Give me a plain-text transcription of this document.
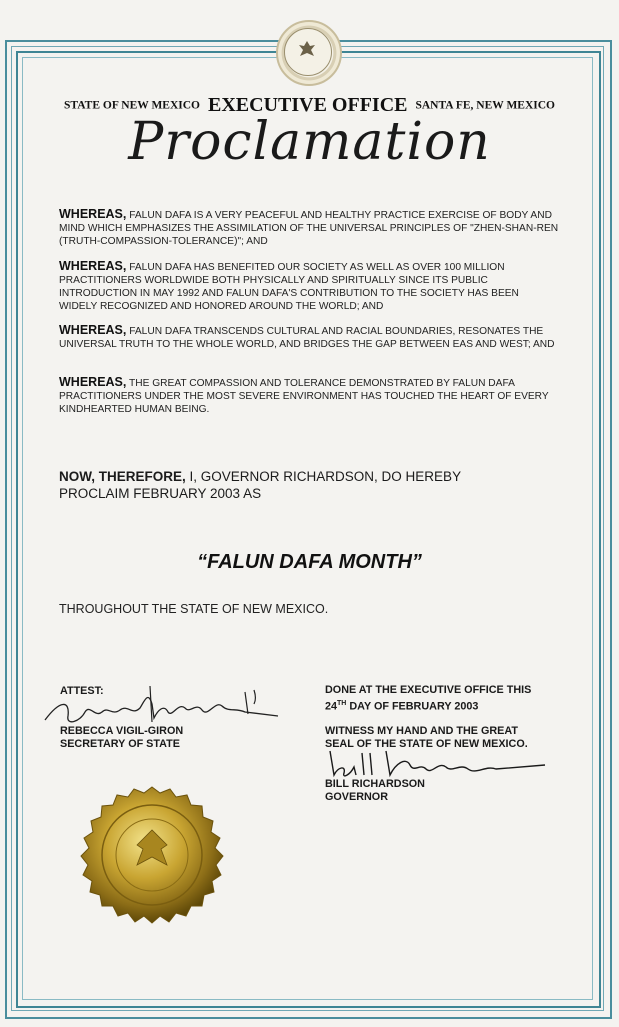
STATE OF NEW MEXICO EXECUTIVE OFFICE SANTA FE, NEW MEXICO
Proclamation
WHEREAS, FALUN DAFA IS A VERY PEACEFUL AND HEALTHY PRACTICE EXERCISE OF BODY AND MIND WHICH EMPHASIZES THE ASSIMILATION OF THE UNIVERSAL PRINCIPLES OF "ZHEN-SHAN-REN (TRUTH-COMPASSION-TOLERANCE)"; AND
WHEREAS, FALUN DAFA HAS BENEFITED OUR SOCIETY AS WELL AS OVER 100 MILLION PRACTITIONERS WORLDWIDE BOTH PHYSICALLY AND SPIRITUALLY SINCE ITS PUBLIC INTRODUCTION IN MAY 1992 AND FALUN DAFA'S CONTRIBUTION TO THE SOCIETY HAS BEEN WIDELY RECOGNIZED AND HONORED AROUND THE WORLD; AND
WHEREAS, FALUN DAFA TRANSCENDS CULTURAL AND RACIAL BOUNDARIES, RESONATES THE UNIVERSAL TRUTH TO THE WHOLE WORLD, AND BRIDGES THE GAP BETWEEN EAS AND WEST; AND
WHEREAS, THE GREAT COMPASSION AND TOLERANCE DEMONSTRATED BY FALUN DAFA PRACTITIONERS UNDER THE MOST SEVERE ENVIRONMENT HAS TOUCHED THE HEART OF EVERY KINDHEARTED HUMAN BEING.
NOW, THEREFORE, I, GOVERNOR RICHARDSON, DO HEREBY PROCLAIM FEBRUARY 2003 AS
“FALUN DAFA MONTH”
THROUGHOUT THE STATE OF NEW MEXICO.
ATTEST:
REBECCA VIGIL-GIRON
SECRETARY OF STATE
DONE AT THE EXECUTIVE OFFICE THIS
24TH DAY OF FEBRUARY 2003
WITNESS MY HAND AND THE GREAT
SEAL OF THE STATE OF NEW MEXICO.
BILL RICHARDSON
GOVERNOR
